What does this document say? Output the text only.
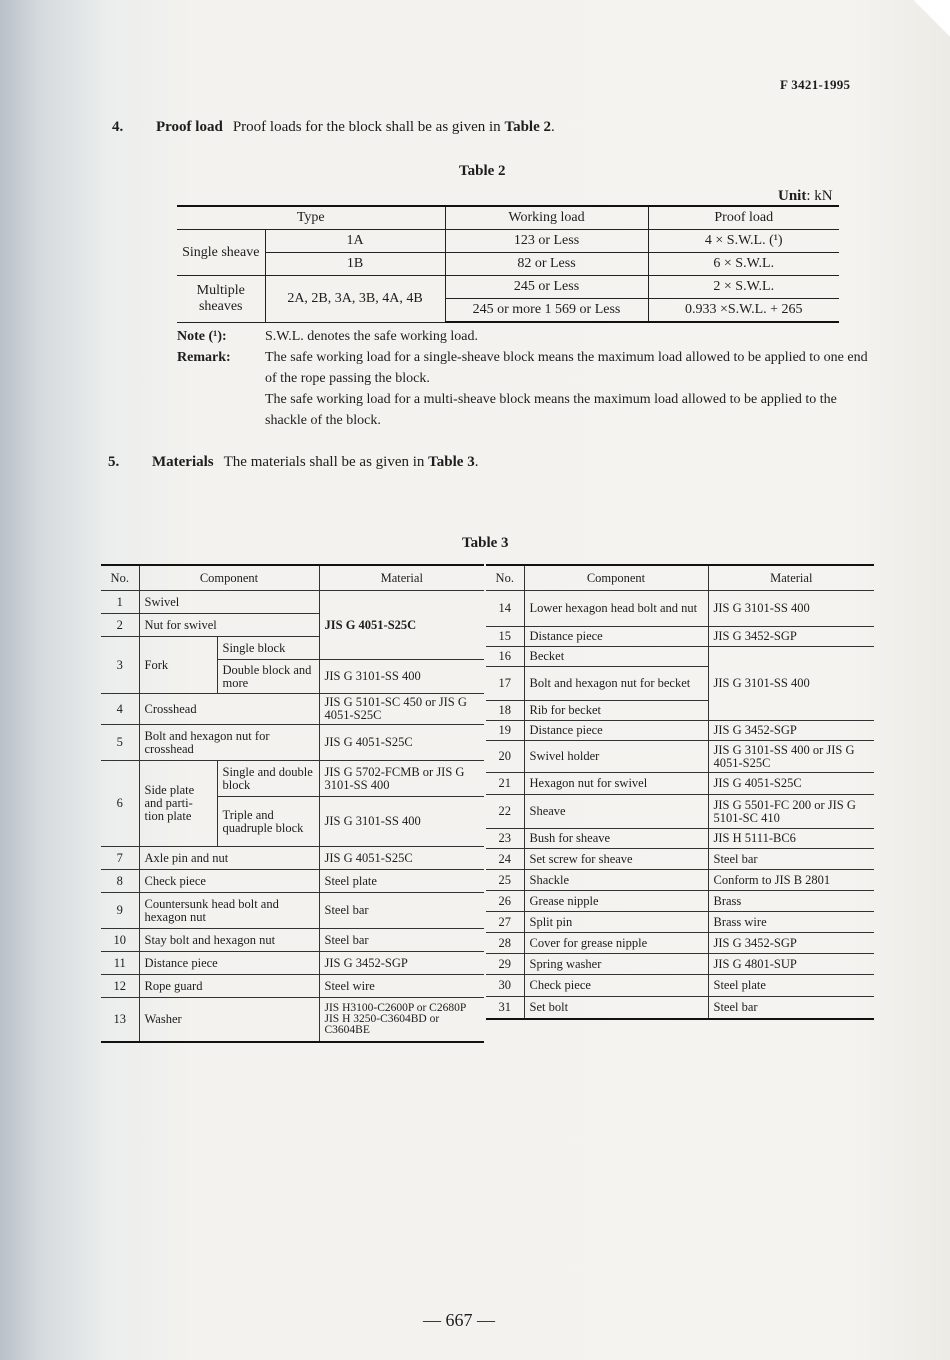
F 3421-1995
4. Proof load Proof loads for the block shall be as given in Table 2.
Table 2
Unit: kN
Type		Working load	Proof load
Single sheave	1A	123 or Less	4 × S.W.L. (¹)
	1B	82 or Less	6 × S.W.L.
Multiple sheaves	2A, 2B, 3A, 3B, 4A, 4B	245 or Less	2 × S.W.L.
		245 or more 1 569 or Less	0.933 ×S.W.L. + 265
Note (¹):	S.W.L. denotes the safe working load.
Remark:	The safe working load for a single-sheave block means the maximum load allowed to be applied to one end of the rope passing the block.
The safe working load for a multi-sheave block means the maximum load allowed to be applied to the shackle of the block.
5. Materials The materials shall be as given in Table 3.
Table 3
No.	Component		Material
1	Swivel		JIS G 4051-S25C
2	Nut for swivel		
3	Fork	Single block	
		Double block and more	JIS G 3101-SS 400
4	Crosshead		JIS G 5101-SC 450 or JIS G 4051-S25C
5	Bolt and hexagon nut for crosshead		JIS G 4051-S25C
6	Side plate and parti-tion plate	Single and double block	JIS G 5702-FCMB or JIS G 3101-SS 400
		Triple and quadruple block	JIS G 3101-SS 400
7	Axle pin and nut		JIS G 4051-S25C
8	Check piece		Steel plate
9	Countersunk head bolt and hexagon nut		Steel bar
10	Stay bolt and hexagon nut		Steel bar
11	Distance piece		JIS G 3452-SGP
12	Rope guard		Steel wire
13	Washer		JIS H3100-C2600P or C2680P JIS H 3250-C3604BD or C3604BE
No.	Component	Material
14	Lower hexagon head bolt and nut	JIS G 3101-SS 400
15	Distance piece	JIS G 3452-SGP
16	Becket	JIS G 3101-SS 400
17	Bolt and hexagon nut for becket	
18	Rib for becket	
19	Distance piece	JIS G 3452-SGP
20	Swivel holder	JIS G 3101-SS 400 or JIS G 4051-S25C
21	Hexagon nut for swivel	JIS G 4051-S25C
22	Sheave	JIS G 5501-FC 200 or JIS G 5101-SC 410
23	Bush for sheave	JIS H 5111-BC6
24	Set screw for sheave	Steel bar
25	Shackle	Conform to JIS B 2801
26	Grease nipple	Brass
27	Split pin	Brass wire
28	Cover for grease nipple	JIS G 3452-SGP
29	Spring washer	JIS G 4801-SUP
30	Check piece	Steel plate
31	Set bolt	Steel bar
— 667 —
